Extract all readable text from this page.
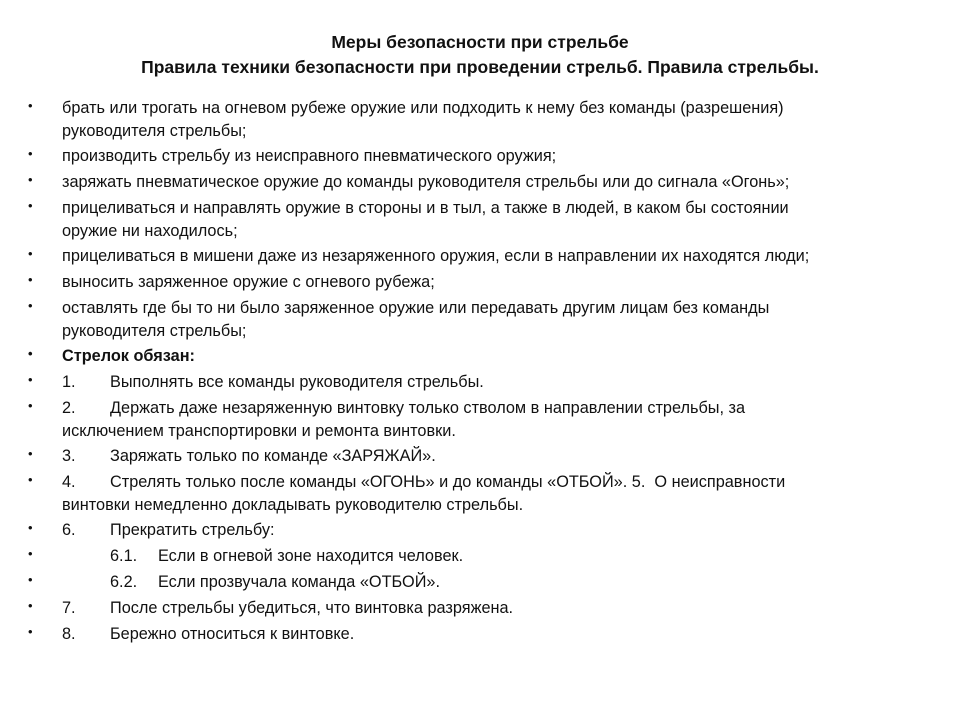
Меры безопасности при стрельбе
Правила техники безопасности при проведении стрельб. Правила стрельбы.
• брать или трогать на огневом рубеже оружие или подходить к нему без команды (разрешения)
руководителя стрельбы;
• производить стрельбу из неисправного пневматического оружия;
• заряжать пневматическое оружие до команды руководителя стрельбы или до сигнала «Огонь»;
• прицеливаться и направлять оружие в стороны и в тыл, а также в людей, в каком бы состоянии
оружие ни находилось;
• прицеливаться в мишени даже из незаряженного оружия, если в направлении их находятся люди;
• выносить заряженное оружие с огневого рубежа;
• оставлять где бы то ни было заряженное оружие или передавать другим лицам без команды
руководителя стрельбы;
• Стрелок обязан:
• 1. Выполнять все команды руководителя стрельбы.
• 2. Держать даже незаряженную винтовку только стволом в направлении стрельбы, за
исключением транспортировки и ремонта винтовки.
• 3. Заряжать только по команде «ЗАРЯЖАЙ».
• 4. Стрелять только после команды «ОГОНЬ» и до команды «ОТБОЙ». 5.  О неисправности
винтовки немедленно докладывать руководителю стрельбы.
• 6. Прекратить стрельбу:
•	6.1. Если в огневой зоне находится человек.
•	6.2. Если прозвучала команда «ОТБОЙ».
• 7. После стрельбы убедиться, что винтовка разряжена.
• 8. Бережно относиться к винтовке.
